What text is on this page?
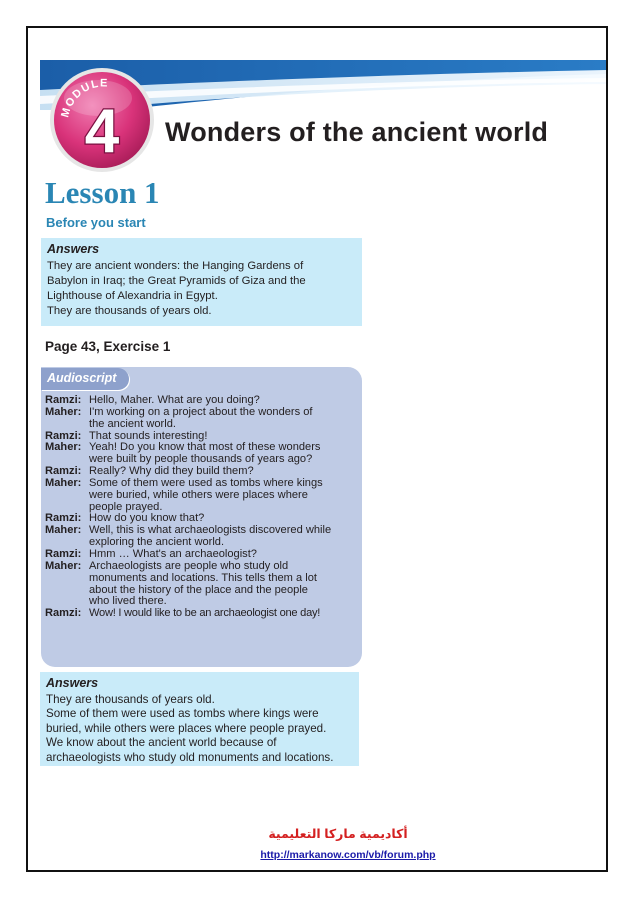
MODULE
4 Wonders of the ancient world
Lesson 1
Before you start
Answers
They are ancient wonders: the Hanging Gardens of
Babylon in Iraq; the Great Pyramids of Giza and the
Lighthouse of Alexandria in Egypt.
They are thousands of years old.
Page 43, Exercise 1
Audioscript
Ramzi: Hello, Maher. What are you doing?
Maher: I'm working on a project about the wonders of
the ancient world.
Ramzi: That sounds interesting!
Maher: Yeah! Do you know that most of these wonders
were built by people thousands of years ago?
Ramzi: Really? Why did they build them?
Maher: Some of them were used as tombs where kings
were buried, while others were places where
people prayed.
Ramzi: How do you know that?
Maher: Well, this is what archaeologists discovered while
exploring the ancient world.
Ramzi: Hmm … What's an archaeologist?
Maher: Archaeologists are people who study old
monuments and locations. This tells them a lot
about the history of the place and the people
who lived there.
Ramzi: Wow! I would like to be an archaeologist one day!
Answers
They are thousands of years old.
Some of them were used as tombs where kings were
buried, while others were places where people prayed.
We know about the ancient world because of
archaeologists who study old monuments and locations.
أكاديمية ماركا التعليمية
http://markanow.com/vb/forum.php
